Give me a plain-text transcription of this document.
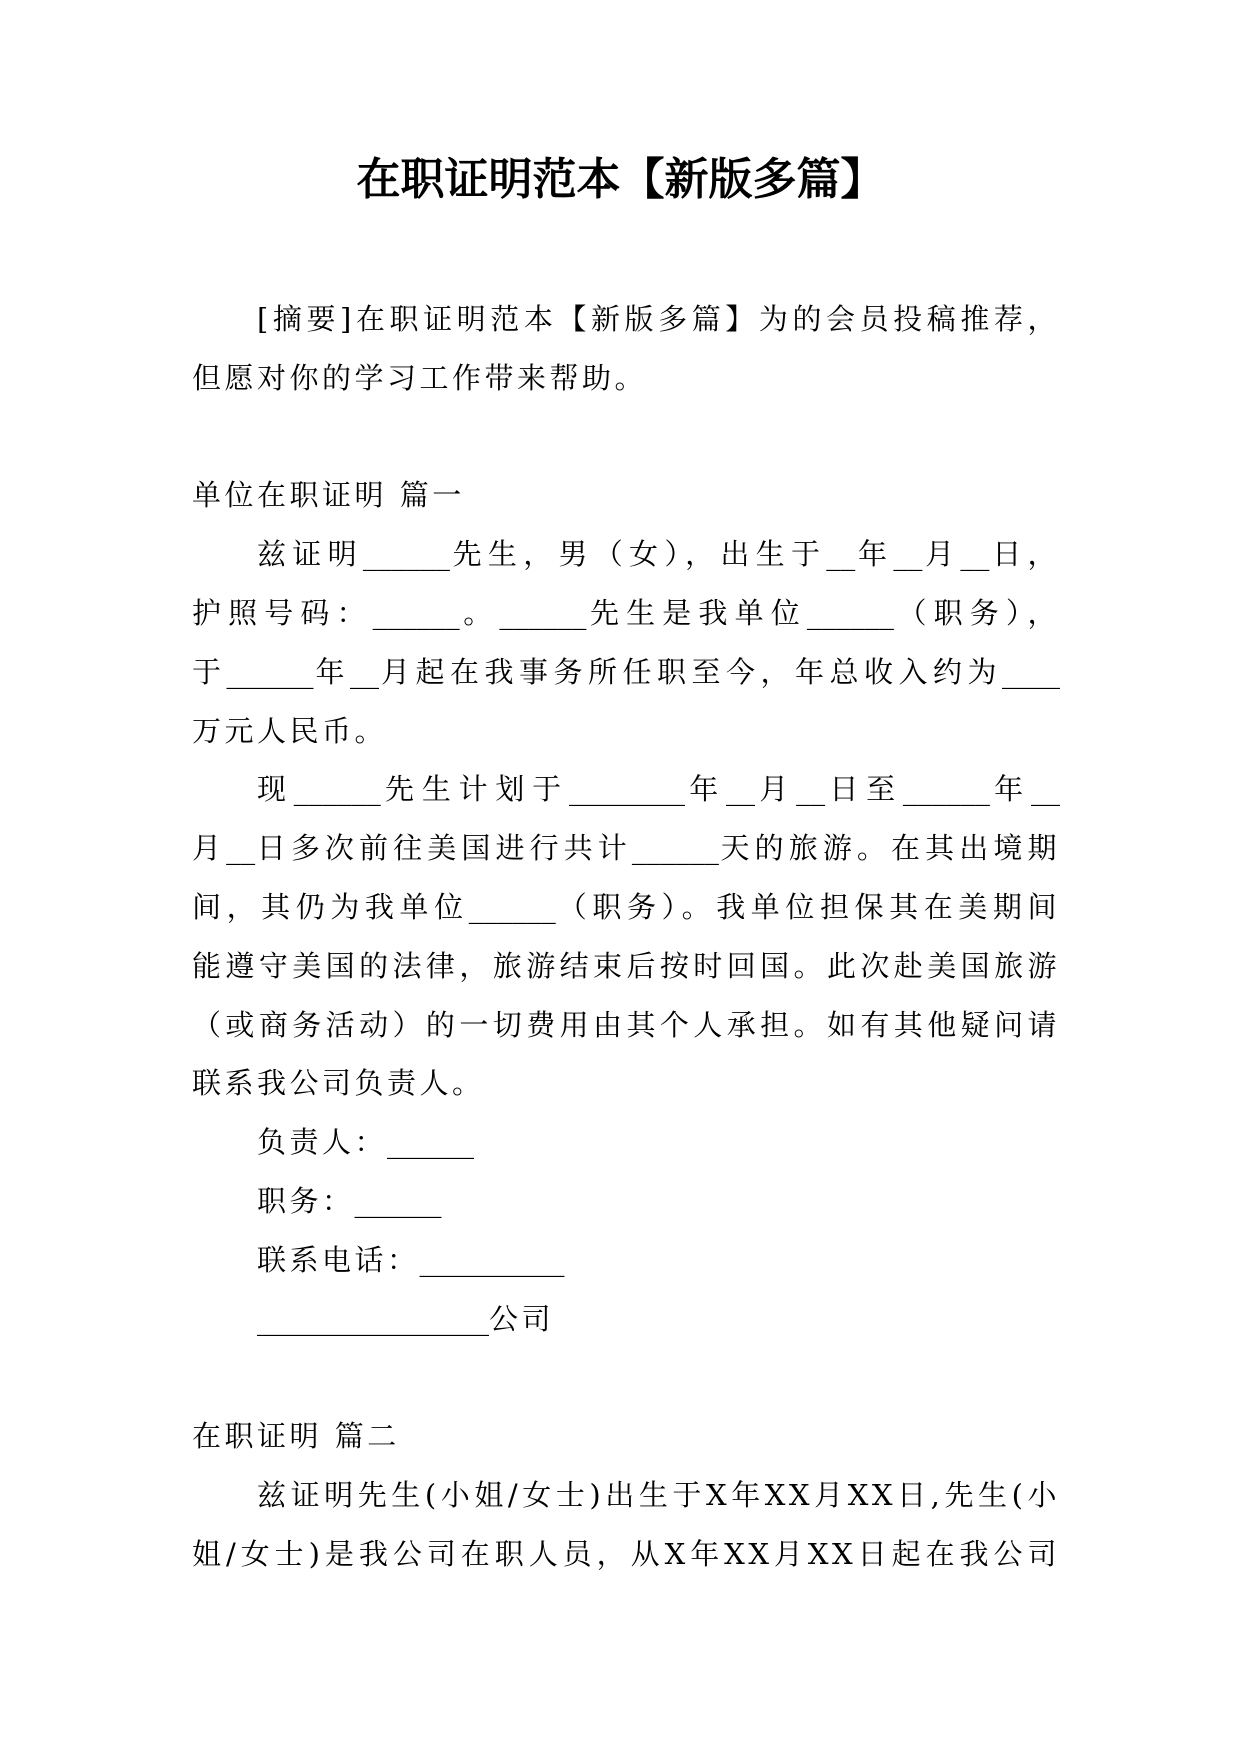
在职证明范本【新版多篇】
[摘要]在职证明范本【新版多篇】为的会员投稿推荐，
但愿对你的学习工作带来帮助。
单位在职证明 篇一
兹证明______先生，男（女），出生于__年__月__日，
护照号码：______。______先生是我单位______（职务），
于______年__月起在我事务所任职至今，年总收入约为____
万元人民币。
现______先生计划于________年__月__日至______年__
月__日多次前往美国进行共计______天的旅游。在其出境期
间，其仍为我单位______（职务）。我单位担保其在美期间
能遵守美国的法律，旅游结束后按时回国。此次赴美国旅游
（或商务活动）的一切费用由其个人承担。如有其他疑问请
联系我公司负责人。
负责人：______
职务：______
联系电话：__________
________________公司
在职证明 篇二
兹证明先生(小姐/女士)出生于X年XX月XX日,先生(小
姐/女士)是我公司在职人员，从X年XX月XX日起在我公司
